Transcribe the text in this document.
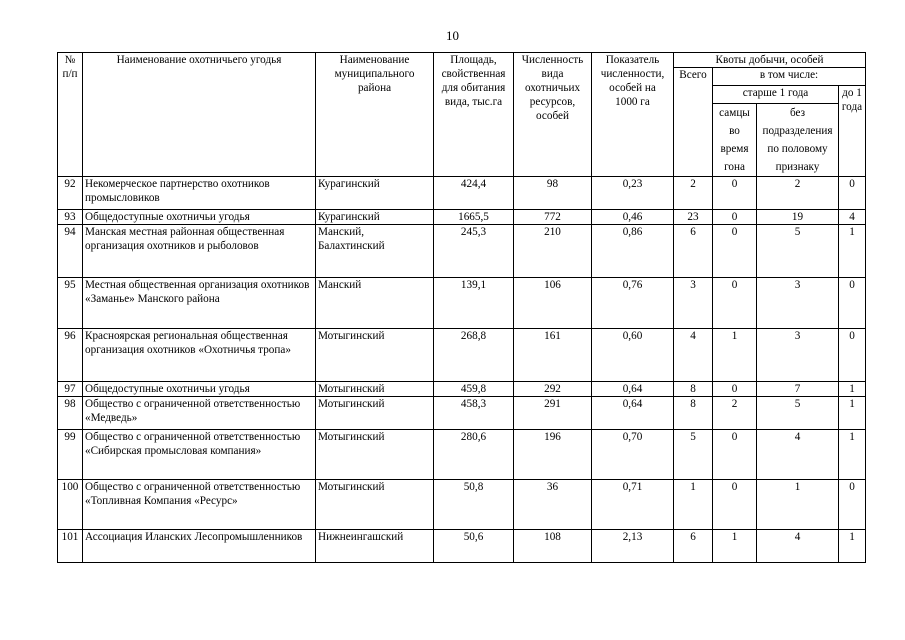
10
№
п/п	Наименование охотничьего угодья	Наименование
муниципального
района	Площадь,
свойственная
для обитания
вида, тыс.га	Численность
вида
охотничьих
ресурсов,
особей	Показатель
численности,
особей на
1000 га	Квоты добычи, особей			
						Всего	в том числе:		
							старше 1 года		до 1
года
							самцы
во
время
гона	без
подразделения
по половому
признаку	
92	Некомерческое партнерство охотников промысловиков	Курагинский	424,4	98	0,23	2	0	2	0
93	Общедоступные охотничьи угодья	Курагинский	1665,5	772	0,46	23	0	19	4
94	Манская местная районная общественная организация охотников и рыболовов	Манский,
Балахтинский	245,3	210	0,86	6	0	5	1
95	Местная общественная организация охотников «Заманье» Манского района	Манский	139,1	106	0,76	3	0	3	0
96	Красноярская региональная общественная организация охотников «Охотничья тропа»	Мотыгинский	268,8	161	0,60	4	1	3	0
97	Общедоступные охотничьи угодья	Мотыгинский	459,8	292	0,64	8	0	7	1
98	Общество с ограниченной ответственностью «Медведь»	Мотыгинский	458,3	291	0,64	8	2	5	1
99	Общество с ограниченной ответственностью «Сибирская промысловая компания»	Мотыгинский	280,6	196	0,70	5	0	4	1
100	Общество с ограниченной ответственностью «Топливная Компания «Ресурс»	Мотыгинский	50,8	36	0,71	1	0	1	0
101	Ассоциация Иланских Лесопромышленников	Нижнеингашский	50,6	108	2,13	6	1	4	1
